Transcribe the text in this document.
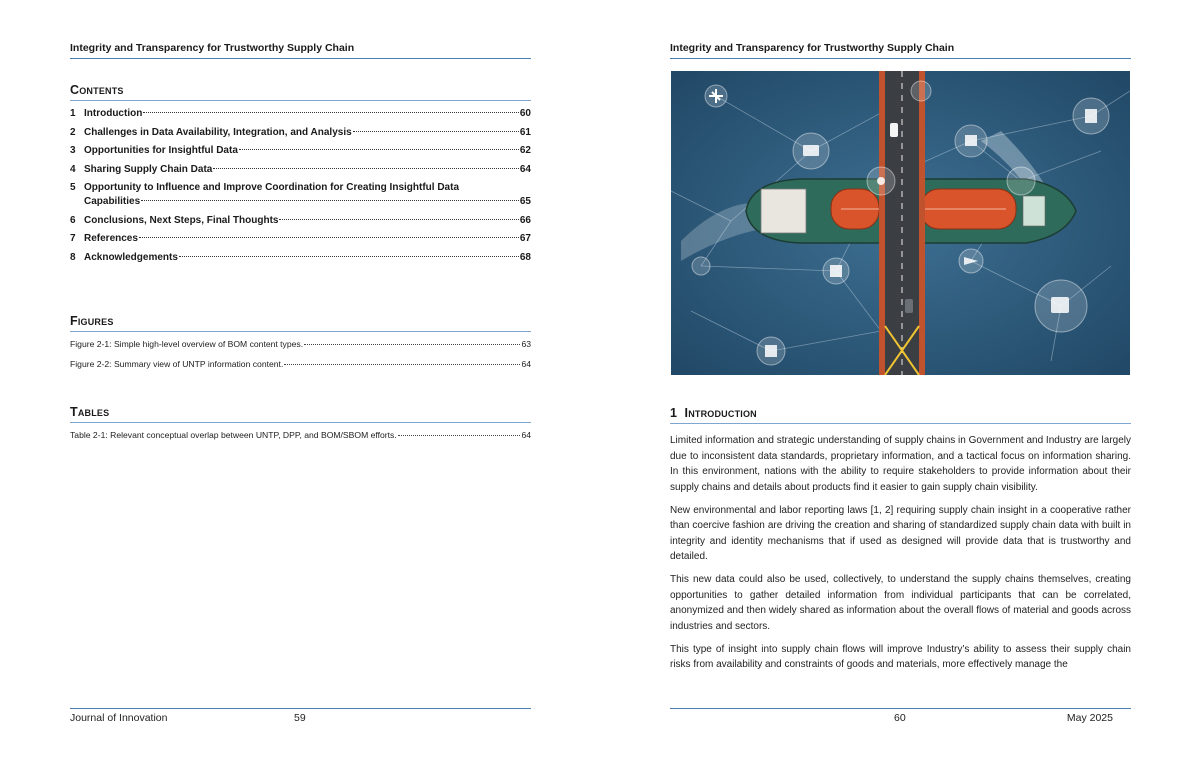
Integrity and Transparency for Trustworthy Supply Chain
Contents
1 Introduction	60
2 Challenges in Data Availability, Integration, and Analysis	61
3 Opportunities for Insightful Data	62
4 Sharing Supply Chain Data	64
5 Opportunity to Influence and Improve Coordination for Creating Insightful Data
Capabilities	65
6 Conclusions, Next Steps, Final Thoughts	66
7 References	67
8 Acknowledgements	68
Figures
Figure 2-1: Simple high-level overview of BOM content types.	63
Figure 2-2: Summary view of UNTP information content.	64
Tables
Table 2-1: Relevant conceptual overlap between UNTP, DPP, and BOM/SBOM efforts.	64
Journal of Innovation	59
Integrity and Transparency for Trustworthy Supply Chain
1 Introduction

Limited information and strategic understanding of supply chains in Government and Industry are largely due to inconsistent data standards, proprietary information, and a tactical focus on information sharing. In this environment, nations with the ability to require stakeholders to provide information about their supply chains and details about products find it easier to gain supply chain visibility.

New environmental and labor reporting laws [1, 2] requiring supply chain insight in a cooperative rather than coercive fashion are driving the creation and sharing of standardized supply chain data with built in integrity and identity mechanisms that if used as designed will provide data that is trustworthy and detailed.

This new data could also be used, collectively, to understand the supply chains themselves, creating opportunities to gather detailed information from individual participants that can be correlated, anonymized and then widely shared as information about the overall flows of material and goods across industries and sectors.

This type of insight into supply chain flows will improve Industry’s ability to assess their supply chain risks from availability and constraints of goods and materials, more effectively manage the

60	May 2025
